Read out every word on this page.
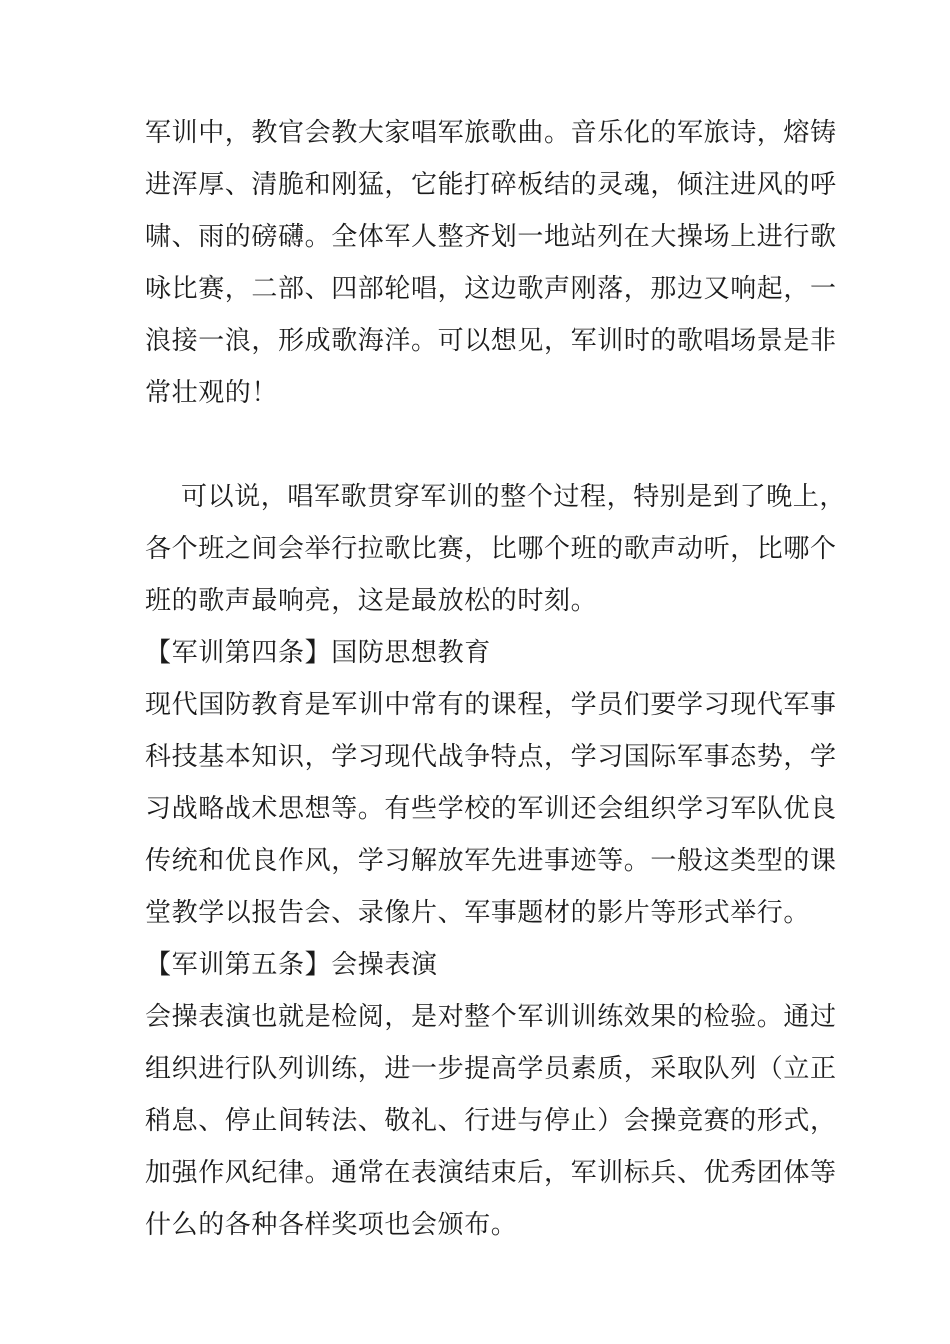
军训中，教官会教大家唱军旅歌曲。音乐化的军旅诗，熔铸
进浑厚、清脆和刚猛，它能打碎板结的灵魂，倾注进风的呼
啸、雨的磅礴。全体军人整齐划一地站列在大操场上进行歌
咏比赛，二部、四部轮唱，这边歌声刚落，那边又响起，一
浪接一浪，形成歌海洋。可以想见，军训时的歌唱场景是非
常壮观的！
可以说，唱军歌贯穿军训的整个过程，特别是到了晚上，
各个班之间会举行拉歌比赛，比哪个班的歌声动听，比哪个
班的歌声最响亮，这是最放松的时刻。
【军训第四条】国防思想教育
现代国防教育是军训中常有的课程，学员们要学习现代军事
科技基本知识，学习现代战争特点，学习国际军事态势，学
习战略战术思想等。有些学校的军训还会组织学习军队优良
传统和优良作风，学习解放军先进事迹等。一般这类型的课
堂教学以报告会、录像片、军事题材的影片等形式举行。
【军训第五条】会操表演
会操表演也就是检阅，是对整个军训训练效果的检验。通过
组织进行队列训练，进一步提高学员素质，采取队列（立正
稍息、停止间转法、敬礼、行进与停止）会操竞赛的形式，
加强作风纪律。通常在表演结束后，军训标兵、优秀团体等
什么的各种各样奖项也会颁布。
